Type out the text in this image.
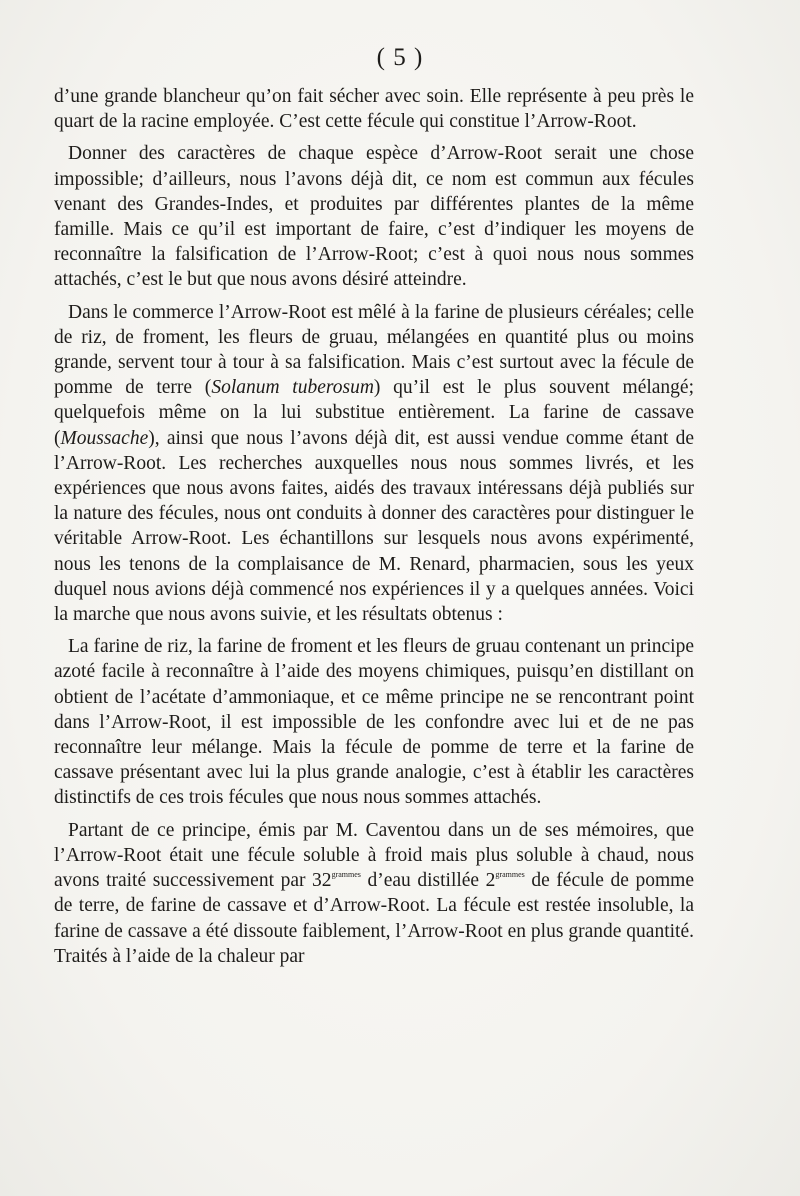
( 5 )

d’une grande blancheur qu’on fait sécher avec soin. Elle représente à peu près le quart de la racine employée. C’est cette fécule qui constitue l’Arrow-Root.

Donner des caractères de chaque espèce d’Arrow-Root serait une chose impossible; d’ailleurs, nous l’avons déjà dit, ce nom est commun aux fécules venant des Grandes-Indes, et produites par différentes plantes de la même famille. Mais ce qu’il est important de faire, c’est d’indiquer les moyens de reconnaître la falsification de l’Arrow-Root; c’est à quoi nous nous sommes attachés, c’est le but que nous avons désiré atteindre.

Dans le commerce l’Arrow-Root est mêlé à la farine de plusieurs céréales; celle de riz, de froment, les fleurs de gruau, mélangées en quantité plus ou moins grande, servent tour à tour à sa falsification. Mais c’est surtout avec la fécule de pomme de terre (Solanum tuberosum) qu’il est le plus souvent mélangé; quelquefois même on la lui substitue entièrement. La farine de cassave (Moussache), ainsi que nous l’avons déjà dit, est aussi vendue comme étant de l’Arrow-Root. Les recherches auxquelles nous nous sommes livrés, et les expériences que nous avons faites, aidés des travaux intéressans déjà publiés sur la nature des fécules, nous ont conduits à donner des caractères pour distinguer le véritable Arrow-Root. Les échantillons sur lesquels nous avons expérimenté, nous les tenons de la complaisance de M. Renard, pharmacien, sous les yeux duquel nous avions déjà commencé nos expériences il y a quelques années. Voici la marche que nous avons suivie, et les résultats obtenus :

La farine de riz, la farine de froment et les fleurs de gruau contenant un principe azoté facile à reconnaître à l’aide des moyens chimiques, puisqu’en distillant on obtient de l’acétate d’ammoniaque, et ce même principe ne se rencontrant point dans l’Arrow-Root, il est impossible de les confondre avec lui et de ne pas reconnaître leur mélange. Mais la fécule de pomme de terre et la farine de cassave présentant avec lui la plus grande analogie, c’est à établir les caractères distinctifs de ces trois fécules que nous nous sommes attachés.

Partant de ce principe, émis par M. Caventou dans un de ses mémoires, que l’Arrow-Root était une fécule soluble à froid mais plus soluble à chaud, nous avons traité successivement par $32^{grammes}$ d’eau distillée $2^{grammes}$ de fécule de pomme de terre, de farine de cassave et d’Arrow-Root. La fécule est restée insoluble, la farine de cassave a été dissoute faiblement, l’Arrow-Root en plus grande quantité. Traités à l’aide de la chaleur par
